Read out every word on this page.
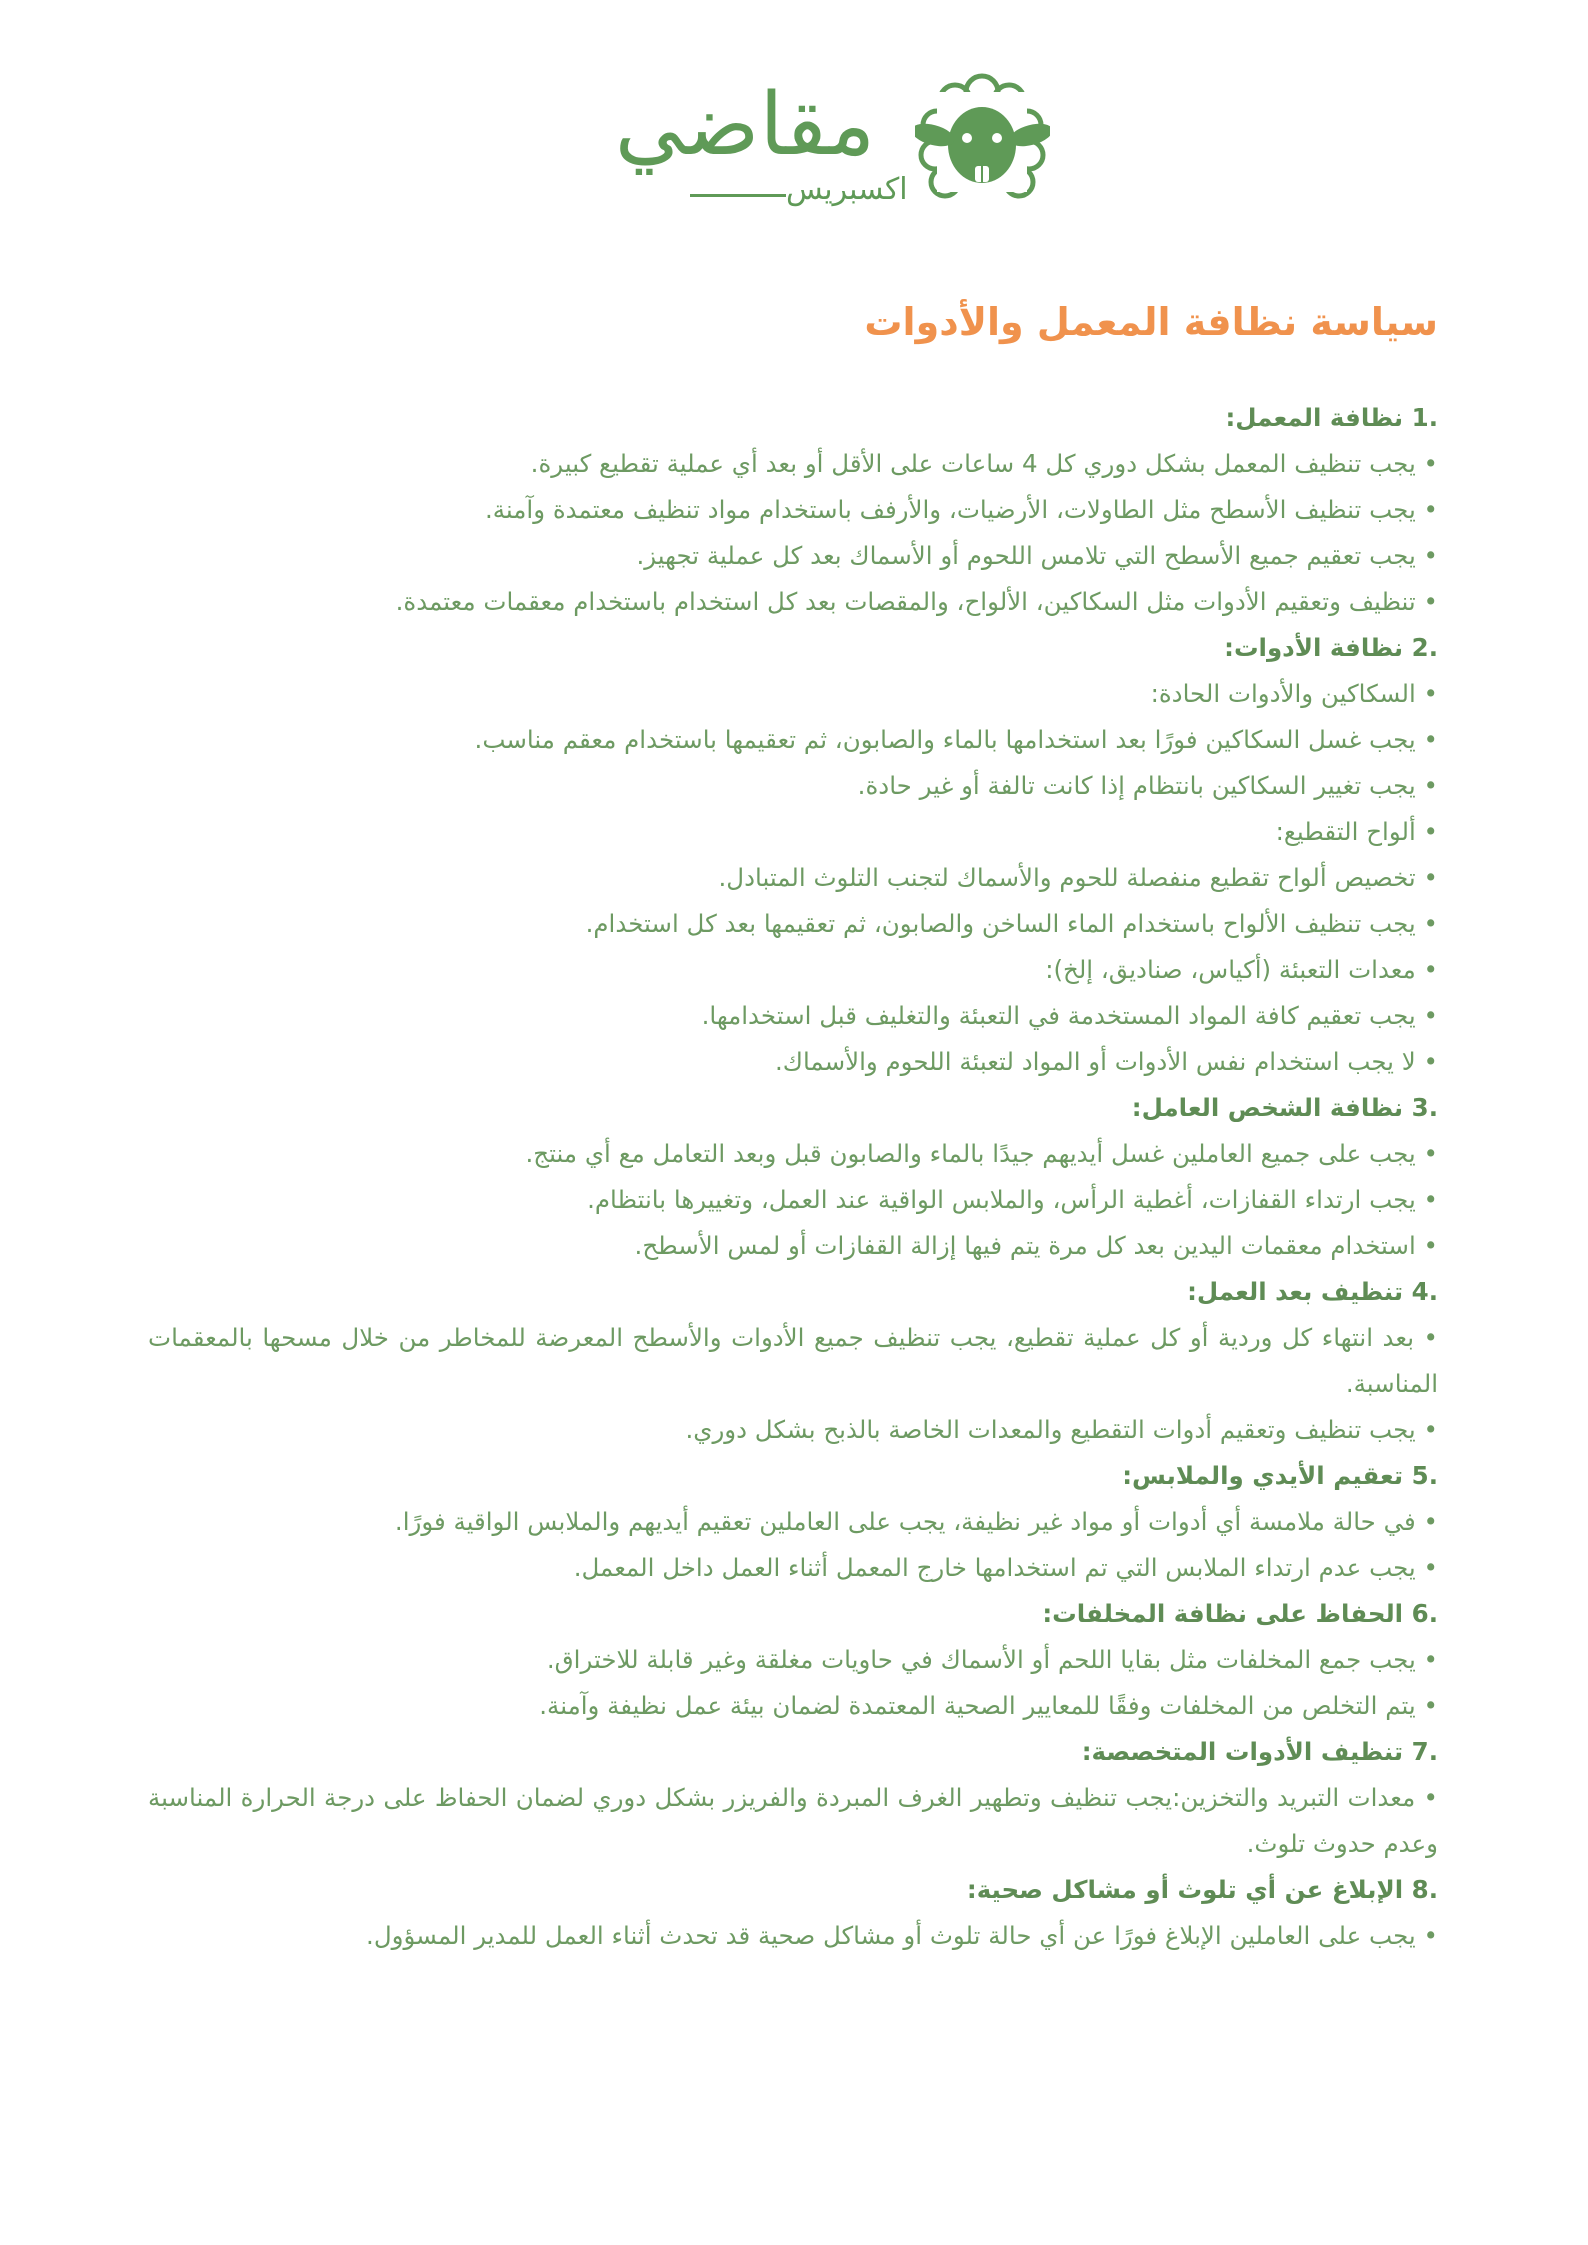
مقاضي
اكسبريس
سياسة نظافة المعمل والأدوات
.1 نظافة المعمل:
• يجب تنظيف المعمل بشكل دوري كل 4 ساعات على الأقل أو بعد أي عملية تقطيع كبيرة.
• يجب تنظيف الأسطح مثل الطاولات، الأرضيات، والأرفف باستخدام مواد تنظيف معتمدة وآمنة.
• يجب تعقيم جميع الأسطح التي تلامس اللحوم أو الأسماك بعد كل عملية تجهيز.
• تنظيف وتعقيم الأدوات مثل السكاكين، الألواح، والمقصات بعد كل استخدام باستخدام معقمات معتمدة.
.2 نظافة الأدوات:
• السكاكين والأدوات الحادة:
• يجب غسل السكاكين فورًا بعد استخدامها بالماء والصابون، ثم تعقيمها باستخدام معقم مناسب.
• يجب تغيير السكاكين بانتظام إذا كانت تالفة أو غير حادة.
• ألواح التقطيع:
• تخصيص ألواح تقطيع منفصلة للحوم والأسماك لتجنب التلوث المتبادل.
• يجب تنظيف الألواح باستخدام الماء الساخن والصابون، ثم تعقيمها بعد كل استخدام.
• معدات التعبئة (أكياس، صناديق، إلخ):
• يجب تعقيم كافة المواد المستخدمة في التعبئة والتغليف قبل استخدامها.
• لا يجب استخدام نفس الأدوات أو المواد لتعبئة اللحوم والأسماك.
.3 نظافة الشخص العامل:
• يجب على جميع العاملين غسل أيديهم جيدًا بالماء والصابون قبل وبعد التعامل مع أي منتج.
• يجب ارتداء القفازات، أغطية الرأس، والملابس الواقية عند العمل، وتغييرها بانتظام.
• استخدام معقمات اليدين بعد كل مرة يتم فيها إزالة القفازات أو لمس الأسطح.
.4 تنظيف بعد العمل:
• بعد انتهاء كل وردية أو كل عملية تقطيع، يجب تنظيف جميع الأدوات والأسطح المعرضة للمخاطر من خلال مسحها بالمعقمات المناسبة.
• يجب تنظيف وتعقيم أدوات التقطيع والمعدات الخاصة بالذبح بشكل دوري.
.5 تعقيم الأيدي والملابس:
• في حالة ملامسة أي أدوات أو مواد غير نظيفة، يجب على العاملين تعقيم أيديهم والملابس الواقية فورًا.
• يجب عدم ارتداء الملابس التي تم استخدامها خارج المعمل أثناء العمل داخل المعمل.
.6 الحفاظ على نظافة المخلفات:
• يجب جمع المخلفات مثل بقايا اللحم أو الأسماك في حاويات مغلقة وغير قابلة للاختراق.
• يتم التخلص من المخلفات وفقًا للمعايير الصحية المعتمدة لضمان بيئة عمل نظيفة وآمنة.
.7 تنظيف الأدوات المتخصصة:
• معدات التبريد والتخزين:يجب تنظيف وتطهير الغرف المبردة والفريزر بشكل دوري لضمان الحفاظ على درجة الحرارة المناسبة وعدم حدوث تلوث.
.8 الإبلاغ عن أي تلوث أو مشاكل صحية:
• يجب على العاملين الإبلاغ فورًا عن أي حالة تلوث أو مشاكل صحية قد تحدث أثناء العمل للمدير المسؤول.
